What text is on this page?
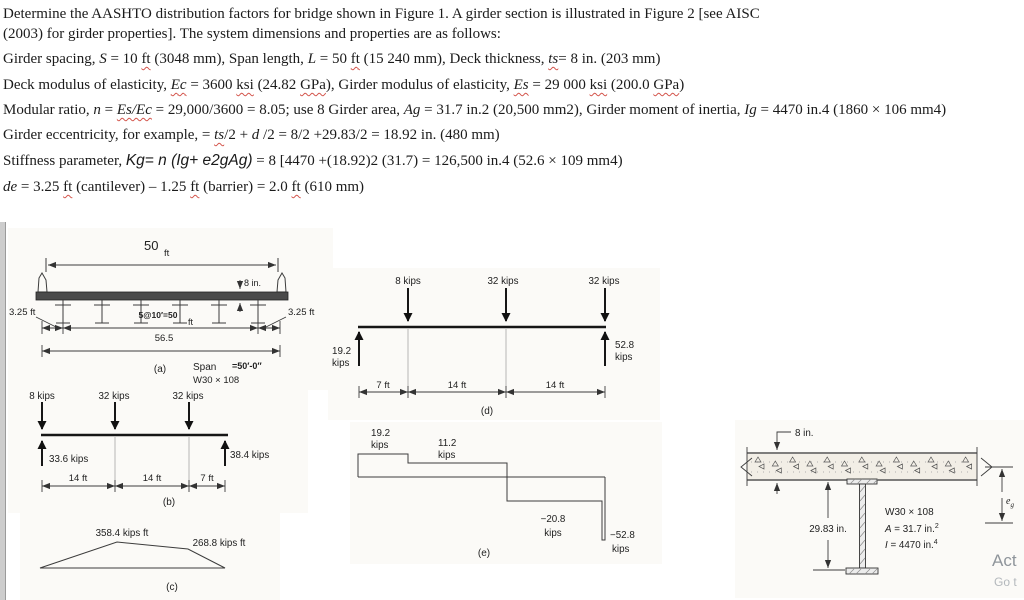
Determine the AASHTO distribution factors for bridge shown in Figure 1. A girder section is illustrated in Figure 2 [see AISC
(2003) for girder properties]. The system dimensions and properties are as follows:
Girder spacing, S = 10 ft (3048 mm), Span length, L = 50 ft (15 240 mm), Deck thickness, ts= 8 in. (203 mm)
Deck modulus of elasticity, Ec = 3600 ksi (24.82 GPa), Girder modulus of elasticity, Es = 29 000 ksi (200.0 GPa)
Modular ratio, n = Es/Ec = 29,000/3600 = 8.05; use 8 Girder area, Ag = 31.7 in.2 (20,500 mm2), Girder moment of inertia, Ig = 4470 in.4 (1860 × 106 mm4)
Girder eccentricity, for example, = ts/2 + d /2 = 8/2 +29.83/2 = 18.92 in. (480 mm)
Stiffness parameter, Kg= n (Ig+ e2gAg) = 8 [4470 +(18.92)2 (31.7) = 126,500 in.4 (52.6 × 109 mm4)
de = 3.25 ft (cantilever) – 1.25 ft (barrier) = 2.0 ft (610 mm)
50
ft
8 in.
3.25 ft	3.25 ft
5@10′=50
ft
56.5
(a)	Span =50′-0″
W30 × 108
8 kips	32 kips	32 kips
33.6 kips	38.4 kips
14 ft	14 ft	7 ft
(b)
358.4 kips ft
268.8 kips ft
(c)
8 kips	32 kips	32 kips
19.2
kips
52.8
kips
7 ft	14 ft	14 ft
(d)
19.2
kips	11.2
kips
−20.8
kips	−52.8
kips
(e)
8 in.
29.83 in.
W30 × 108
A = 31.7 in.$^2$
I = 4470 in.$^4$
$e_g$
Act
Go t
